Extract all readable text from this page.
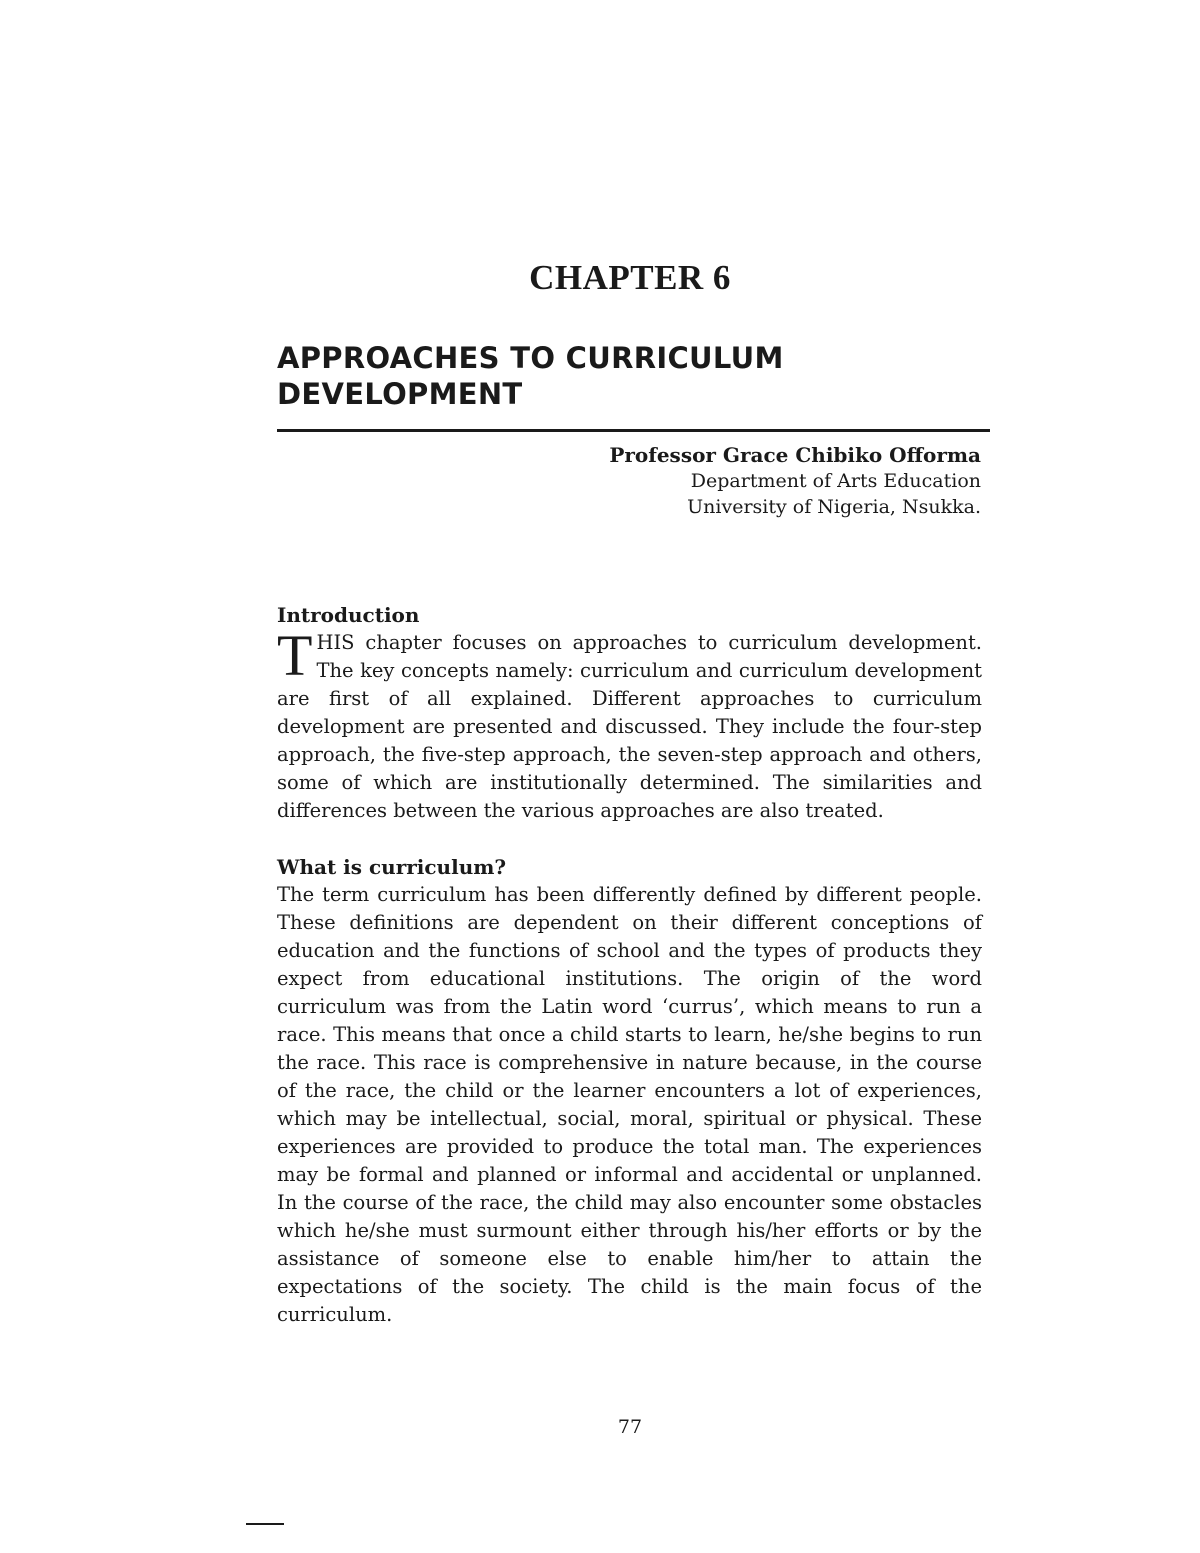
CHAPTER 6
APPROACHES TO CURRICULUM
DEVELOPMENT
Professor Grace Chibiko Offorma
Department of Arts Education
University of Nigeria, Nsukka.
Introduction

THIS chapter focuses on approaches to curriculum development. The key concepts namely: curriculum and curriculum development are first of all explained. Different approaches to curriculum development are presented and discussed. They include the four-step approach, the five-step approach, the seven-step approach and others, some of which are institutionally determined. The similarities and differences between the various approaches are also treated.

What is curriculum?

The term curriculum has been differently defined by different people. These definitions are dependent on their different conceptions of education and the functions of school and the types of products they expect from educational institutions. The origin of the word curriculum was from the Latin word ‘currus’, which means to run a race. This means that once a child starts to learn, he/she begins to run the race. This race is comprehensive in nature because, in the course of the race, the child or the learner encounters a lot of experiences, which may be intellectual, social, moral, spiritual or physical. These experiences are provided to produce the total man. The experiences may be formal and planned or informal and accidental or unplanned. In the course of the race, the child may also encounter some obstacles which he/she must surmount either through his/her efforts or by the assistance of someone else to enable him/her to attain the expectations of the society. The child is the main focus of the curriculum.

77
